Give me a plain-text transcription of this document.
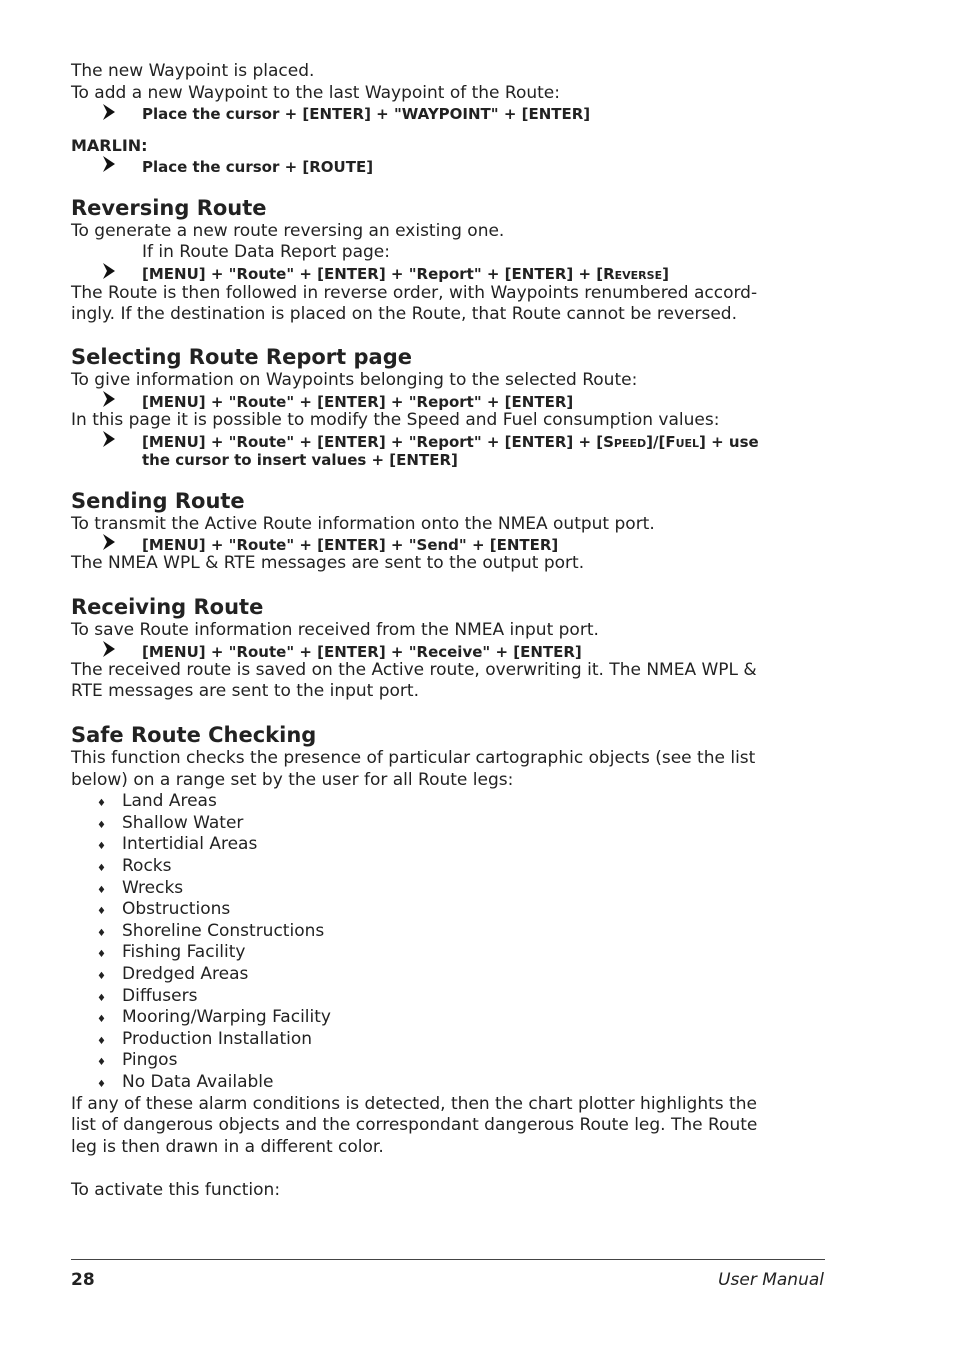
The new Waypoint is placed.
To add a new Waypoint to the last Waypoint of the Route:
Place the cursor + [ENTER] + "WAYPOINT" + [ENTER]
MARLIN:
Place the cursor + [ROUTE]
Reversing Route
To generate a new route reversing an existing one.
If in Route Data Report page:
[MENU] + "Route" + [ENTER] + "Report" + [ENTER] + [REVERSE]
The Route is then followed in reverse order, with Waypoints renumbered accord-
ingly. If the destination is placed on the Route, that Route cannot be reversed.
Selecting Route Report page
To give information on Waypoints belonging to the selected Route:
[MENU] + "Route" + [ENTER] + "Report" + [ENTER]
In this page it is possible to modify the Speed and Fuel consumption values:
[MENU] + "Route" + [ENTER] + "Report" + [ENTER] + [SPEED]/[FUEL] + use
the cursor to insert values + [ENTER]
Sending Route
To transmit the Active Route information onto the NMEA output port.
[MENU] + "Route" + [ENTER] + "Send" + [ENTER]
The NMEA WPL & RTE messages are sent to the output port.
Receiving Route
To save Route information received from the NMEA input port.
[MENU] + "Route" + [ENTER] + "Receive" + [ENTER]
The received route is saved on the Active route, overwriting it. The NMEA WPL &
RTE messages are sent to the input port.
Safe Route Checking
This function checks the presence of particular cartographic objects (see the list
below) on a range set by the user for all Route legs:
♦ Land Areas
♦ Shallow Water
♦ Intertidial Areas
♦ Rocks
♦ Wrecks
♦ Obstructions
♦ Shoreline Constructions
♦ Fishing Facility
♦ Dredged Areas
♦ Diffusers
♦ Mooring/Warping Facility
♦ Production Installation
♦ Pingos
♦ No Data Available
If any of these alarm conditions is detected, then the chart plotter highlights the
list of dangerous objects and the correspondant dangerous Route leg. The Route
leg is then drawn in a different color.
To activate this function:
28	User Manual
